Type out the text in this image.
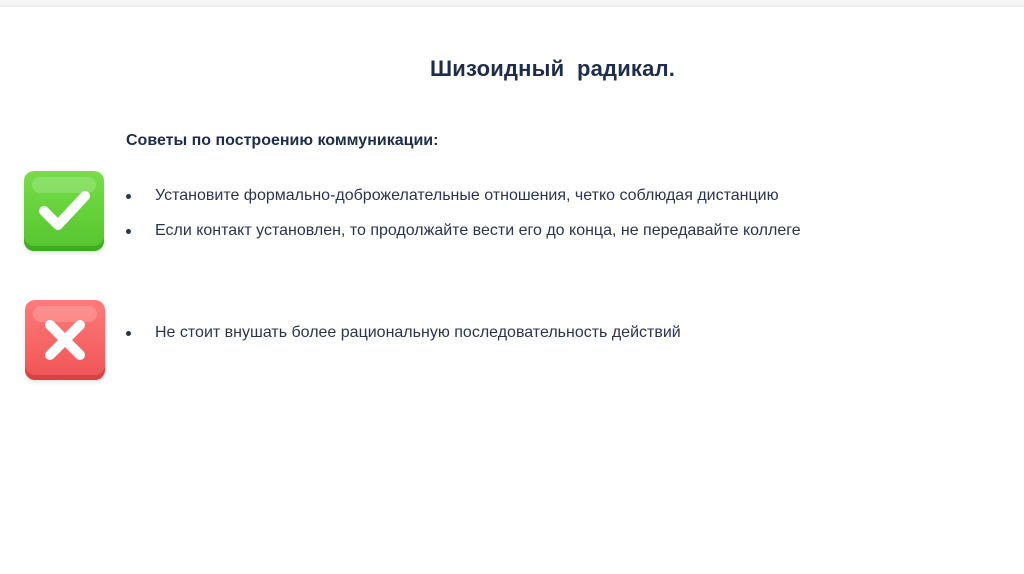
Шизоидный  радикал.
Советы по построению коммуникации:
Установите формально-доброжелательные отношения, четко соблюдая дистанцию
Если контакт установлен, то продолжайте вести его до конца, не передавайте коллеге
Не стоит внушать более рациональную последовательность действий
